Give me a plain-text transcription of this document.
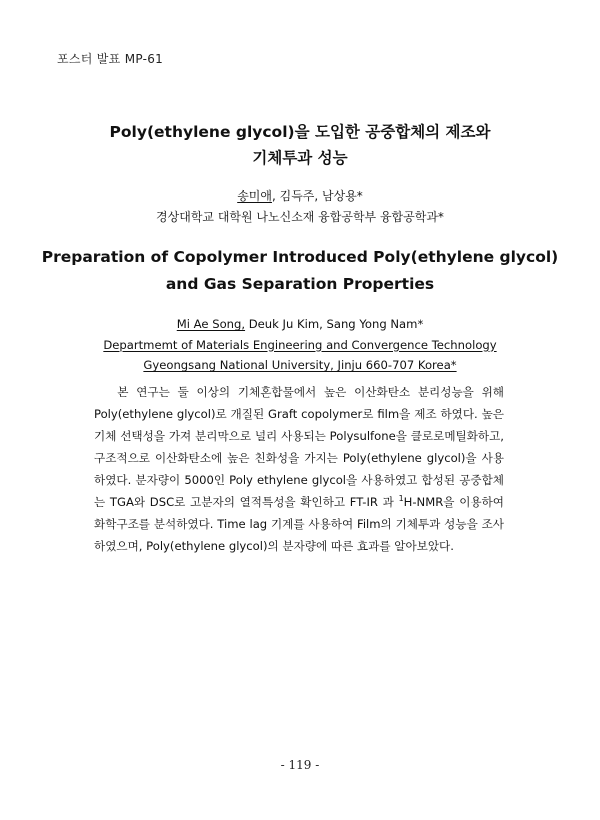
포스터 발표 MP-61
Poly(ethylene glycol)을 도입한 공중합체의 제조와
기체투과 성능
송미애, 김득주, 남상용*
경상대학교 대학원 나노신소재 융합공학부 융합공학과*
Preparation of Copolymer Introduced Poly(ethylene glycol)
and Gas Separation Properties
Mi Ae Song, Deuk Ju Kim, Sang Yong Nam*
Departmemt of Materials Engineering and Convergence Technology
Gyeongsang National University, Jinju 660-707 Korea*
본 연구는 둘 이상의 기체혼합물에서 높은 이산화탄소 분리성능을 위해 Poly(ethylene glycol)로 개질된 Graft copolymer로 film을 제조 하였다. 높은 기체 선택성을 가져 분리막으로 널리 사용되는 Polysulfone을 클로로메틸화하고, 구조적으로 이산화탄소에 높은 친화성을 가지는 Poly(ethylene glycol)을 사용하였다. 분자량이 5000인 Poly ethylene glycol을 사용하였고 합성된 공중합체는 TGA와 DSC로 고분자의 열적특성을 확인하고 FT-IR 과 $^1$H-NMR을 이용하여 화학구조를 분석하였다. Time lag 기계를 사용하여 Film의 기체투과 성능을 조사하였으며, Poly(ethylene glycol)의 분자량에 따른 효과를 알아보았다.
- 119 -
